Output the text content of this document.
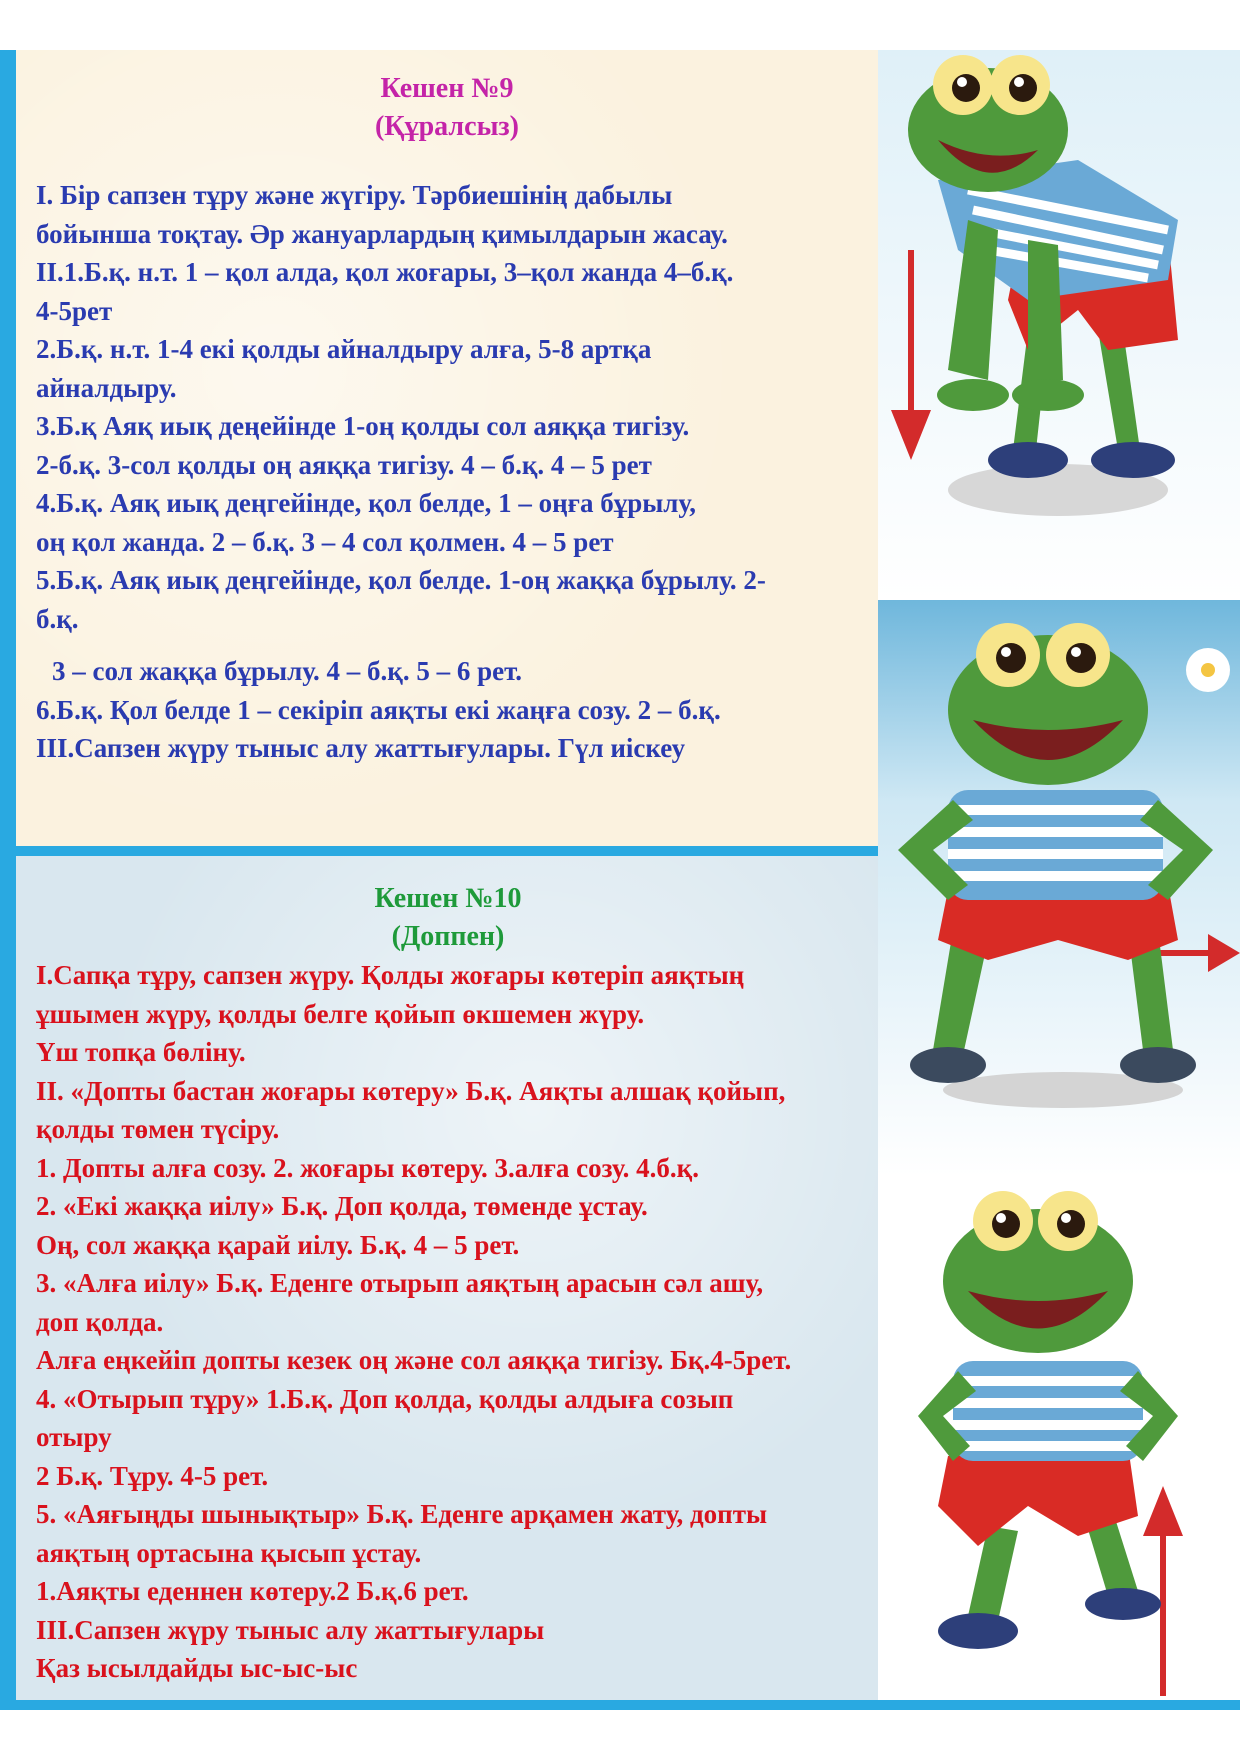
Кешен №9
(Құралсыз)
І. Бір сапзен тұру және жүгіру. Тәрбиешінің дабылы
бойынша тоқтау. Әр жануарлардың қимылдарын жасау.
ІІ.1.Б.қ. н.т. 1 – қол алда, қол жоғары, 3–қол жанда 4–б.қ.
4-5рет
2.Б.қ. н.т. 1-4 екі қолды айналдыру алға, 5-8 артқа
айналдыру.
3.Б.қ Аяқ иық деңейінде 1-оң қолды сол аяққа тигізу.
2-б.қ. 3-сол қолды оң аяққа тигізу. 4 – б.қ. 4 – 5 рет
4.Б.қ. Аяқ иық деңгейінде, қол белде, 1 – оңға бұрылу,
оң қол жанда. 2 – б.қ. 3 – 4 сол қолмен. 4 – 5 рет
5.Б.қ. Аяқ иық деңгейінде, қол белде. 1-оң жаққа бұрылу. 2-
б.қ.
3 – сол жаққа бұрылу. 4 – б.қ. 5 – 6 рет.
6.Б.қ. Қол белде 1 – секіріп аяқты екі жаңға созу. 2 – б.қ.
ІІІ.Сапзен жүру тыныс алу жаттығулары. Гүл иіскеу
Кешен №10
(Доппен)
І.Сапқа тұру, сапзен жүру. Қолды жоғары көтеріп аяқтың
ұшымен жүру, қолды белге қойып өкшемен жүру.
Үш топқа бөліну.
ІІ. «Допты бастан жоғары көтеру» Б.қ. Аяқты алшақ қойып,
қолды төмен түсіру.
1. Допты алға созу. 2. жоғары көтеру. 3.алға созу. 4.б.қ.
2. «Екі жаққа иілу» Б.қ. Доп қолда, төменде ұстау.
Оң, сол жаққа қарай иілу. Б.қ. 4 – 5 рет.
3. «Алға иілу» Б.қ. Еденге отырып аяқтың арасын сәл ашу,
доп қолда.
Алға еңкейіп допты кезек оң және сол аяққа тигізу. Бқ.4-5рет.
4. «Отырып тұру» 1.Б.қ. Доп қолда, қолды алдыға созып
отыру
2 Б.қ. Тұру. 4-5 рет.
5. «Аяғыңды шынықтыр» Б.қ. Еденге арқамен жату, допты
аяқтың ортасына қысып ұстау.
1.Аяқты еденнен көтеру.2 Б.қ.6 рет.
ІІІ.Сапзен жүру тыныс алу жаттығулары
Қаз ысылдайды ыс-ыс-ыс
